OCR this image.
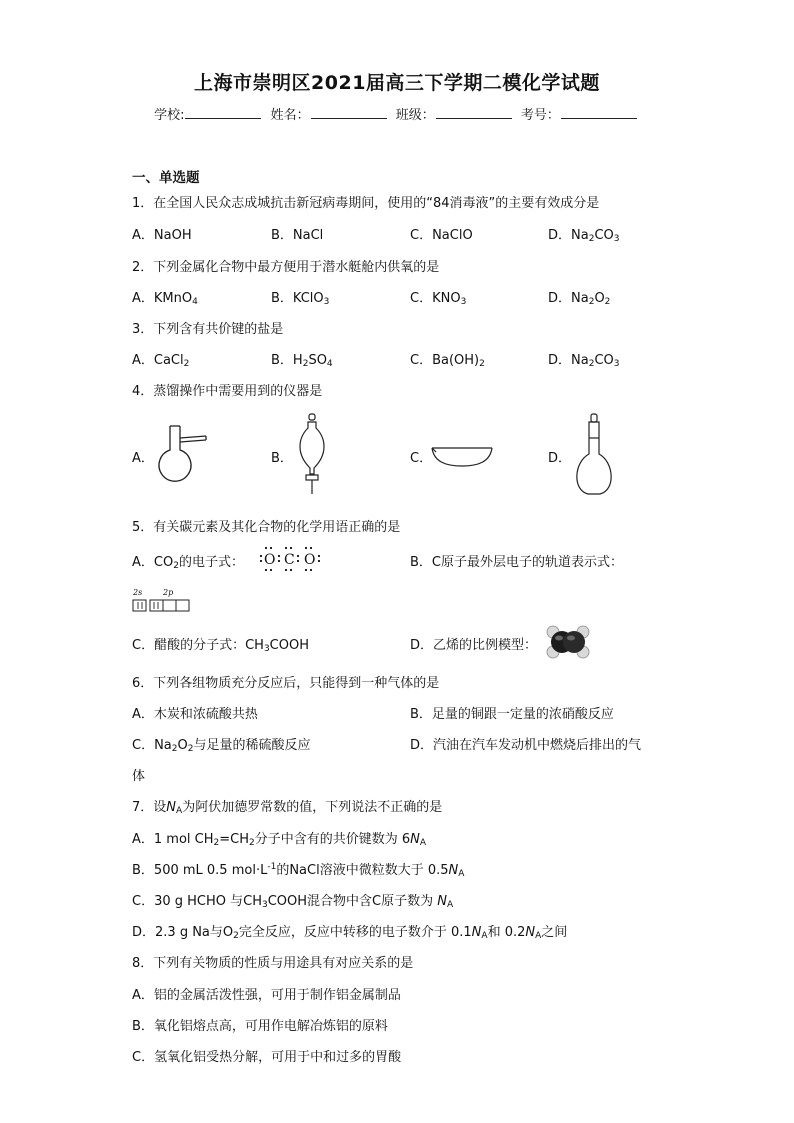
上海市崇明区2021届高三下学期二模化学试题
学校:	姓名：	班级：	考号：
一、单选题
1．在全国人民众志成城抗击新冠病毒期间，使用的“84消毒液”的主要有效成分是
A．NaOH	B．NaCl	C．NaClO	D．$Na_2CO_3$
2．下列金属化合物中最方便用于潜水艇舱内供氧的是
A．KMnO$_4$	B．KClO$_3$	C．$KNO_3$	D．$Na_2O_2$
3．下列含有共价键的盐是
A．CaCl$_2$	B．$H_2SO_4$	C．$Ba(OH)_2$	D．$Na_2CO_3$
4．蒸馏操作中需要用到的仪器是
A．	B．	C．	D．
5．有关碳元素及其化合物的化学用语正确的是
A．$CO_2$的电子式： O C O	B．C原子最外层电子的轨道表示式：
2s	2p
C．醋酸的分子式：$CH_3COOH$	D．乙烯的比例模型：
6．下列各组物质充分反应后，只能得到一种气体的是
A．木炭和浓硫酸共热	B．足量的铜跟一定量的浓硝酸反应
C．$Na_2O_2$与足量的稀硫酸反应	D．汽油在汽车发动机中燃烧后排出的气
体
7．设$N_A$为阿伏加德罗常数的值，下列说法不正确的是
A．1 mol $CH_2=CH_2$分子中含有的共价键数为 $6N_A$
B．500 mL 0.5 $mol\cdot L^{-1}$的NaCl溶液中微粒数大于 $0.5N_A$
C．30 g HCHO 与$CH_3COOH$混合物中含C原子数为 $N_A$
D．2.3 g Na与$O_2$完全反应，反应中转移的电子数介于 $0.1N_A$和 $0.2N_A$之间
8．下列有关物质的性质与用途具有对应关系的是
A．铝的金属活泼性强，可用于制作铝金属制品
B．氧化铝熔点高，可用作电解冶炼铝的原料
C．氢氧化铝受热分解，可用于中和过多的胃酸
